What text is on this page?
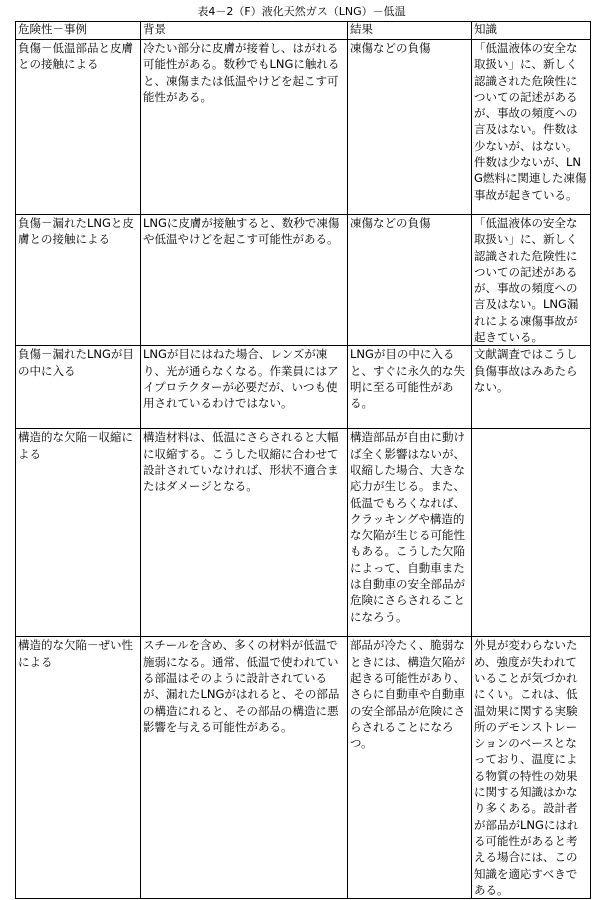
表4－2（F）液化天然ガス（LNG）－低温
危険性－事例	背景	結果	知識
負傷－低温部品と皮膚との接触による	冷たい部分に皮膚が接着し、はがれる可能性がある。数秒でもLNGに触れると、凍傷または低温やけどを起こす可能性がある。	凍傷などの負傷	「低温液体の安全な取扱い」に、新しく認識された危険性についての記述があるが、事故の頻度への言及はない。件数は少ないが、はない。件数は少ないが、LNG燃料に関連した凍傷事故が起きている。
負傷－漏れたLNGと皮膚との接触による	LNGに皮膚が接触すると、数秒で凍傷や低温やけどを起こす可能性がある。	凍傷などの負傷	「低温液体の安全な取扱い」に、新しく認識された危険性についての記述があるが、事故の頻度への言及はない。LNG漏れによる凍傷事故が起きている。
負傷－漏れたLNGが目の中に入る	LNGが目にはねた場合、レンズが凍り、光が通らなくなる。作業員にはアイプロテクターが必要だが、いつも使用されているわけではない。	LNGが目の中に入ると、すぐに永久的な失明に至る可能性がある。	文献調査ではこうし負傷事故はみあたらない。
構造的な欠陥－収縮による	構造材料は、低温にさらされると大幅に収縮する。こうした収縮に合わせて設計されていなければ、形状不適合またはダメージとなる。	構造部品が自由に動けば全く影響はないが、収縮した場合、大きな応力が生じる。また、低温でもろくなれば、クラッキングや構造的な欠陥が生じる可能性もある。こうした欠陥によって、自動車または自動車の安全部品が危険にさらされることになろう。	
構造的な欠陥－ぜい性による	スチールを含め、多くの材料が低温で施弱になる。通常、低温で使われている部温はそのように設計されているが、漏れたLNGがはれると、その部品の構造にれると、その部品の構造に悪影響を与える可能性がある。	部品が冷たく、脆弱なときには、構造欠陥が起きる可能性があり、さらに自動車や自動車の安全部品が危険にさらされることになろつ。	外見が変わらないため、強度が失われていることが気づかれにくい。これは、低温効果に関する実験所のデモンストレーションのベースとなっており、温度による物質の特性の効果に関する知識はかなり多くある。設計者が部品がLNGにはれる可能性があると考える場合には、この知識を適応すべきである。
